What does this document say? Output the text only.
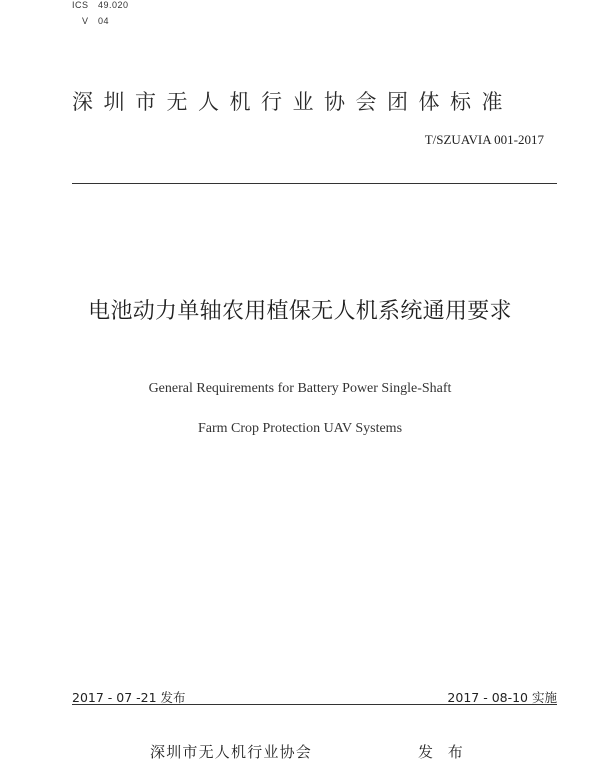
ICS 49.020
V 04
深圳市无人机行业协会团体标准
T/SZUAVIA 001-2017
电池动力单轴农用植保无人机系统通用要求
General Requirements for Battery Power Single-Shaft
Farm Crop Protection UAV Systems
2017 - 07 -21 发布	2017 - 08-10 实施
深圳市无人机行业协会	发 布
